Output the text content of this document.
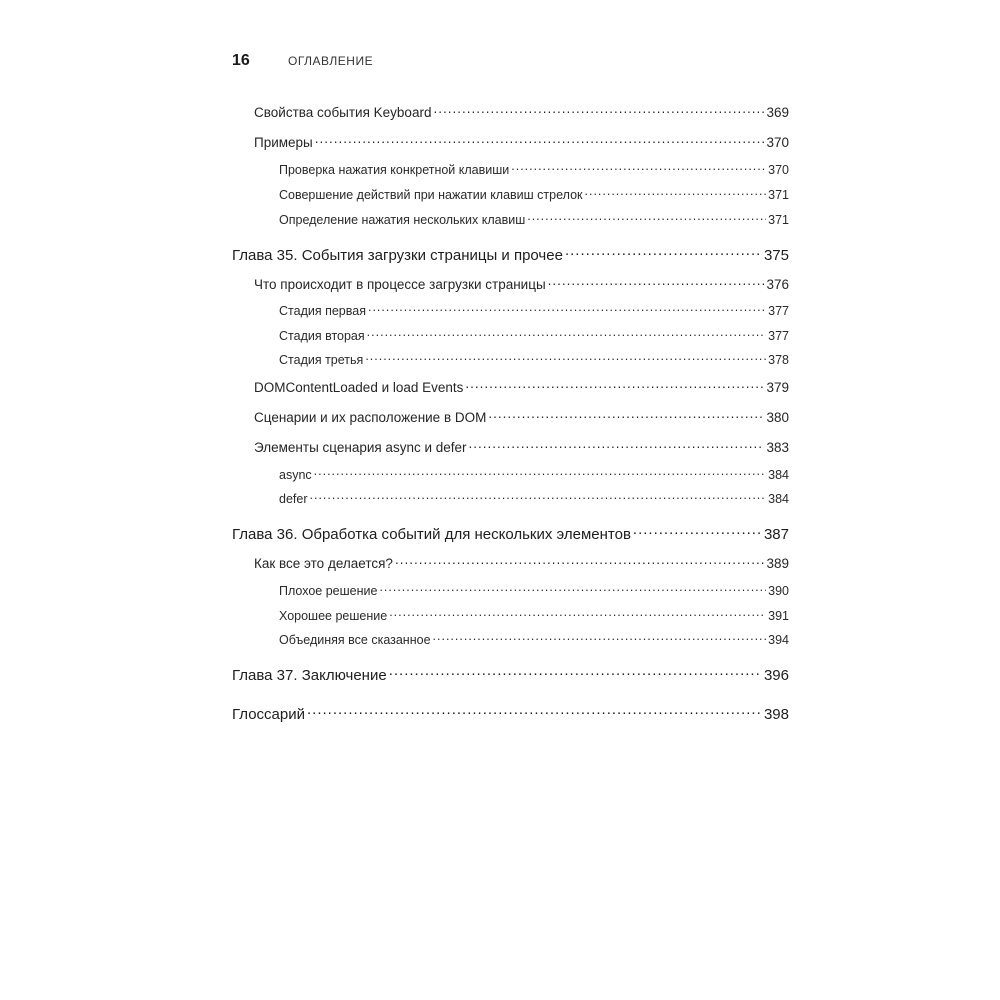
16	ОГЛАВЛЕНИЕ
Свойства события Keyboard .....	369
Примеры .....	370
Проверка нажатия конкретной клавиши .....	370
Совершение действий при нажатии клавиш стрелок .....	371
Определение нажатия нескольких клавиш .....	371
Глава 35. События загрузки страницы и прочее .....	375
Что происходит в процессе загрузки страницы .....	376
Стадия первая .....	377
Стадия вторая .....	377
Стадия третья .....	378
DOMContentLoaded и load Events .....	379
Сценарии и их расположение в DOM .....	380
Элементы сценария async и defer .....	383
async .....	384
defer .....	384
Глава 36. Обработка событий для нескольких элементов .....	387
Как все это делается? .....	389
Плохое решение .....	390
Хорошее решение .....	391
Объединяя все сказанное .....	394
Глава 37. Заключение .....	396
Глоссарий .....	398
